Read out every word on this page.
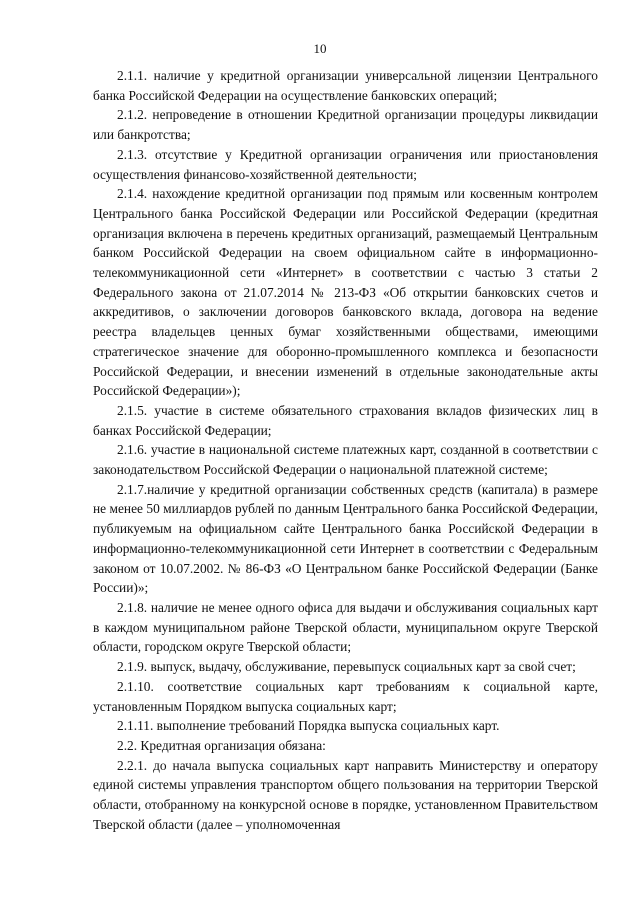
10

2.1.1. наличие у кредитной организации универсальной лицензии Центрального банка Российской Федерации на осуществление банковских операций;

2.1.2. непроведение в отношении Кредитной организации процедуры ликвидации или банкротства;

2.1.3. отсутствие у Кредитной организации ограничения или приостановления осуществления финансово-хозяйственной деятельности;

2.1.4. нахождение кредитной организации под прямым или косвенным контролем Центрального банка Российской Федерации или Российской Федерации (кредитная организация включена в перечень кредитных организаций, размещаемый Центральным банком Российской Федерации на своем официальном сайте в информационно-телекоммуникационной сети «Интернет» в соответствии с частью 3 статьи 2 Федерального закона от 21.07.2014 № 213-ФЗ «Об открытии банковских счетов и аккредитивов, о заключении договоров банковского вклада, договора на ведение реестра владельцев ценных бумаг хозяйственными обществами, имеющими стратегическое значение для оборонно-промышленного комплекса и безопасности Российской Федерации, и внесении изменений в отдельные законодательные акты Российской Федерации»);

2.1.5. участие в системе обязательного страхования вкладов физических лиц в банках Российской Федерации;

2.1.6. участие в национальной системе платежных карт, созданной в соответствии с законодательством Российской Федерации о национальной платежной системе;

2.1.7.наличие у кредитной организации собственных средств (капитала) в размере не менее 50 миллиардов рублей по данным Центрального банка Российской Федерации, публикуемым на официальном сайте Центрального банка Российской Федерации в информационно-телекоммуникационной сети Интернет в соответствии с Федеральным законом от 10.07.2002. № 86-ФЗ «О Центральном банке Российской Федерации (Банке России)»;

2.1.8. наличие не менее одного офиса для выдачи и обслуживания социальных карт в каждом муниципальном районе Тверской области, муниципальном округе Тверской области, городском округе Тверской области;

2.1.9. выпуск, выдачу, обслуживание, перевыпуск социальных карт за свой счет;

2.1.10. соответствие социальных карт требованиям к социальной карте, установленным Порядком выпуска социальных карт;

2.1.11. выполнение требований Порядка выпуска социальных карт.

2.2. Кредитная организация обязана:

2.2.1. до начала выпуска социальных карт направить Министерству и оператору единой системы управления транспортом общего пользования на территории Тверской области, отобранному на конкурсной основе в порядке, установленном Правительством Тверской области (далее – уполномоченная
